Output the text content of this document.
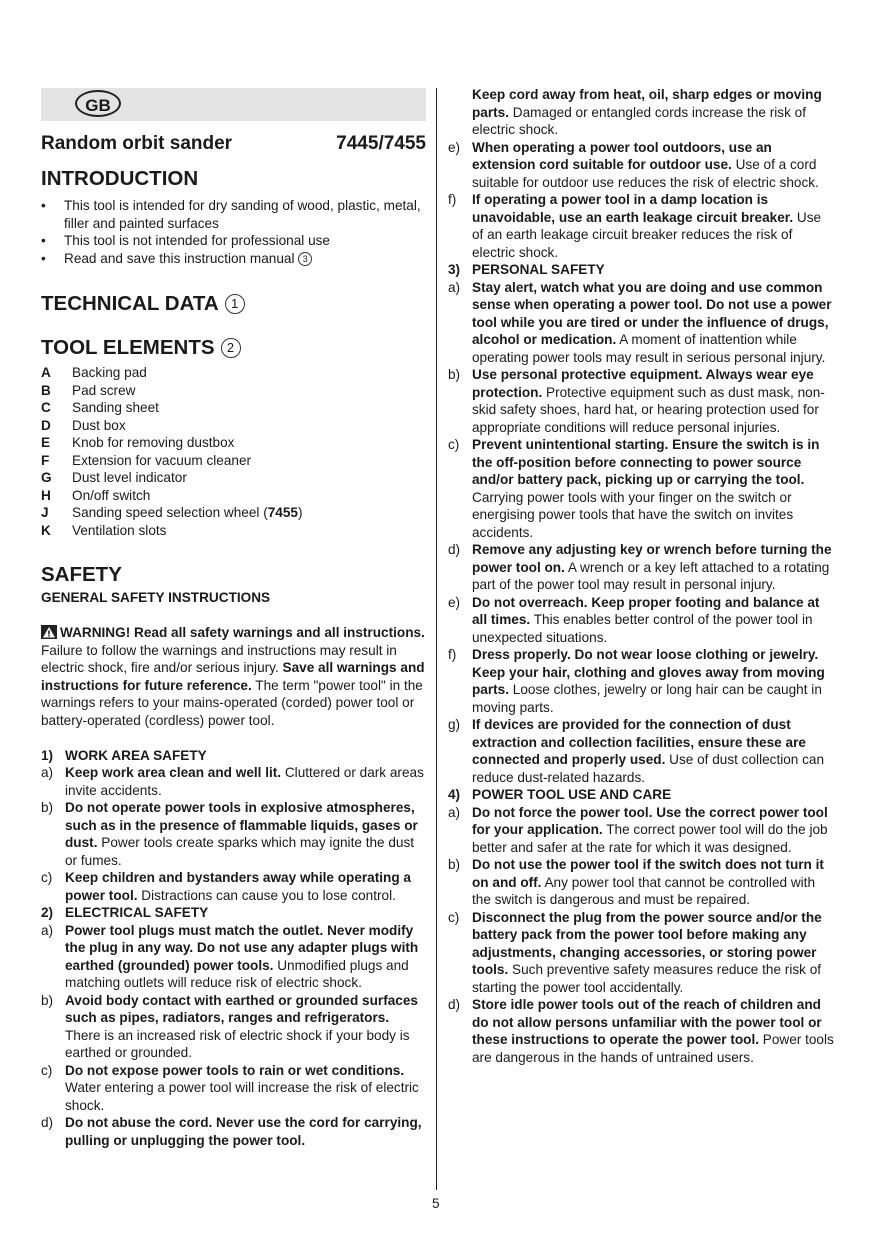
GB
Random orbit sander	7445/7455
INTRODUCTION
• This tool is intended for dry sanding of wood, plastic, metal, filler and painted surfaces
• This tool is not intended for professional use
• Read and save this instruction manual 3
TECHNICAL DATA 1
TOOL ELEMENTS 2
A	Backing pad
B	Pad screw
C	Sanding sheet
D	Dust box
E	Knob for removing dustbox
F	Extension for vacuum cleaner
G	Dust level indicator
H	On/off switch
J	Sanding speed selection wheel (7455)
K	Ventilation slots
SAFETY
GENERAL SAFETY INSTRUCTIONS

WARNING! Read all safety warnings and all instructions. Failure to follow the warnings and instructions may result in electric shock, fire and/or serious injury. Save all warnings and instructions for future reference. The term "power tool" in the warnings refers to your mains-operated (corded) power tool or battery-operated (cordless) power tool.

1) WORK AREA SAFETY
a) Keep work area clean and well lit. Cluttered or dark areas invite accidents.
b) Do not operate power tools in explosive atmospheres, such as in the presence of flammable liquids, gases or dust. Power tools create sparks which may ignite the dust or fumes.
c) Keep children and bystanders away while operating a power tool. Distractions can cause you to lose control.
2) ELECTRICAL SAFETY
a) Power tool plugs must match the outlet. Never modify the plug in any way. Do not use any adapter plugs with earthed (grounded) power tools. Unmodified plugs and matching outlets will reduce risk of electric shock.
b) Avoid body contact with earthed or grounded surfaces such as pipes, radiators, ranges and refrigerators. There is an increased risk of electric shock if your body is earthed or grounded.
c) Do not expose power tools to rain or wet conditions. Water entering a power tool will increase the risk of electric shock.
d) Do not abuse the cord. Never use the cord for carrying, pulling or unplugging the power tool.
Keep cord away from heat, oil, sharp edges or moving parts. Damaged or entangled cords increase the risk of electric shock.
e) When operating a power tool outdoors, use an extension cord suitable for outdoor use. Use of a cord suitable for outdoor use reduces the risk of electric shock.
f)	If operating a power tool in a damp location is unavoidable, use an earth leakage circuit breaker. Use of an earth leakage circuit breaker reduces the risk of electric shock.
3) PERSONAL SAFETY
a) Stay alert, watch what you are doing and use common sense when operating a power tool. Do not use a power tool while you are tired or under the influence of drugs, alcohol or medication. A moment of inattention while operating power tools may result in serious personal injury.
b) Use personal protective equipment. Always wear eye protection. Protective equipment such as dust mask, non-skid safety shoes, hard hat, or hearing protection used for appropriate conditions will reduce personal injuries.
c) Prevent unintentional starting. Ensure the switch is in the off-position before connecting to power source and/or battery pack, picking up or carrying the tool. Carrying power tools with your finger on the switch or energising power tools that have the switch on invites accidents.
d) Remove any adjusting key or wrench before turning the power tool on. A wrench or a key left attached to a rotating part of the power tool may result in personal injury.
e) Do not overreach. Keep proper footing and balance at all times. This enables better control of the power tool in unexpected situations.
f)	Dress properly. Do not wear loose clothing or jewelry. Keep your hair, clothing and gloves away from moving parts. Loose clothes, jewelry or long hair can be caught in moving parts.
g) If devices are provided for the connection of dust extraction and collection facilities, ensure these are connected and properly used. Use of dust collection can reduce dust-related hazards.
4) POWER TOOL USE AND CARE
a) Do not force the power tool. Use the correct power tool for your application. The correct power tool will do the job better and safer at the rate for which it was designed.
b) Do not use the power tool if the switch does not turn it on and off. Any power tool that cannot be controlled with the switch is dangerous and must be repaired.
c) Disconnect the plug from the power source and/or the battery pack from the power tool before making any adjustments, changing accessories, or storing power tools. Such preventive safety measures reduce the risk of starting the power tool accidentally.
d) Store idle power tools out of the reach of children and do not allow persons unfamiliar with the power tool or these instructions to operate the power tool. Power tools are dangerous in the hands of untrained users.
5
